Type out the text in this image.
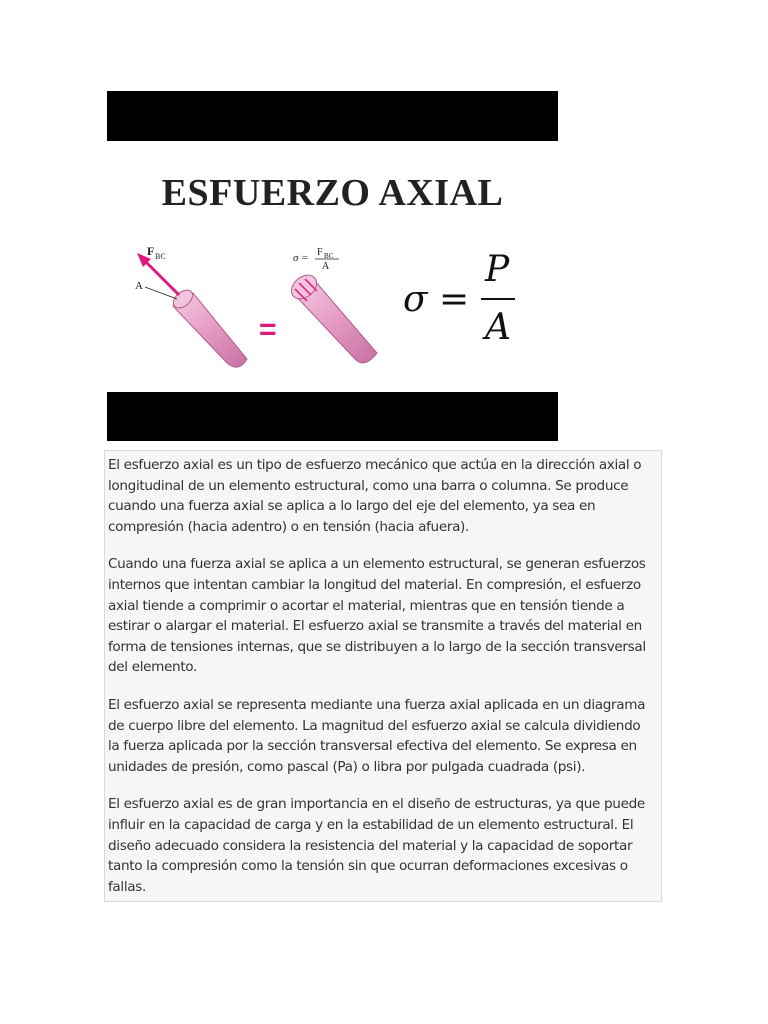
ESFUERZO AXIAL
F BC
A
=
σ = F BC
A
σ =
P
A

El esfuerzo axial es un tipo de esfuerzo mecánico que actúa en la dirección axial o longitudinal de un elemento estructural, como una barra o columna. Se produce cuando una fuerza axial se aplica a lo largo del eje del elemento, ya sea en compresión (hacia adentro) o en tensión (hacia afuera).

Cuando una fuerza axial se aplica a un elemento estructural, se generan esfuerzos internos que intentan cambiar la longitud del material. En compresión, el esfuerzo axial tiende a comprimir o acortar el material, mientras que en tensión tiende a estirar o alargar el material. El esfuerzo axial se transmite a través del material en forma de tensiones internas, que se distribuyen a lo largo de la sección transversal del elemento.

El esfuerzo axial se representa mediante una fuerza axial aplicada en un diagrama de cuerpo libre del elemento. La magnitud del esfuerzo axial se calcula dividiendo la fuerza aplicada por la sección transversal efectiva del elemento. Se expresa en unidades de presión, como pascal (Pa) o libra por pulgada cuadrada (psi).

El esfuerzo axial es de gran importancia en el diseño de estructuras, ya que puede influir en la capacidad de carga y en la estabilidad de un elemento estructural. El diseño adecuado considera la resistencia del material y la capacidad de soportar tanto la compresión como la tensión sin que ocurran deformaciones excesivas o fallas.
